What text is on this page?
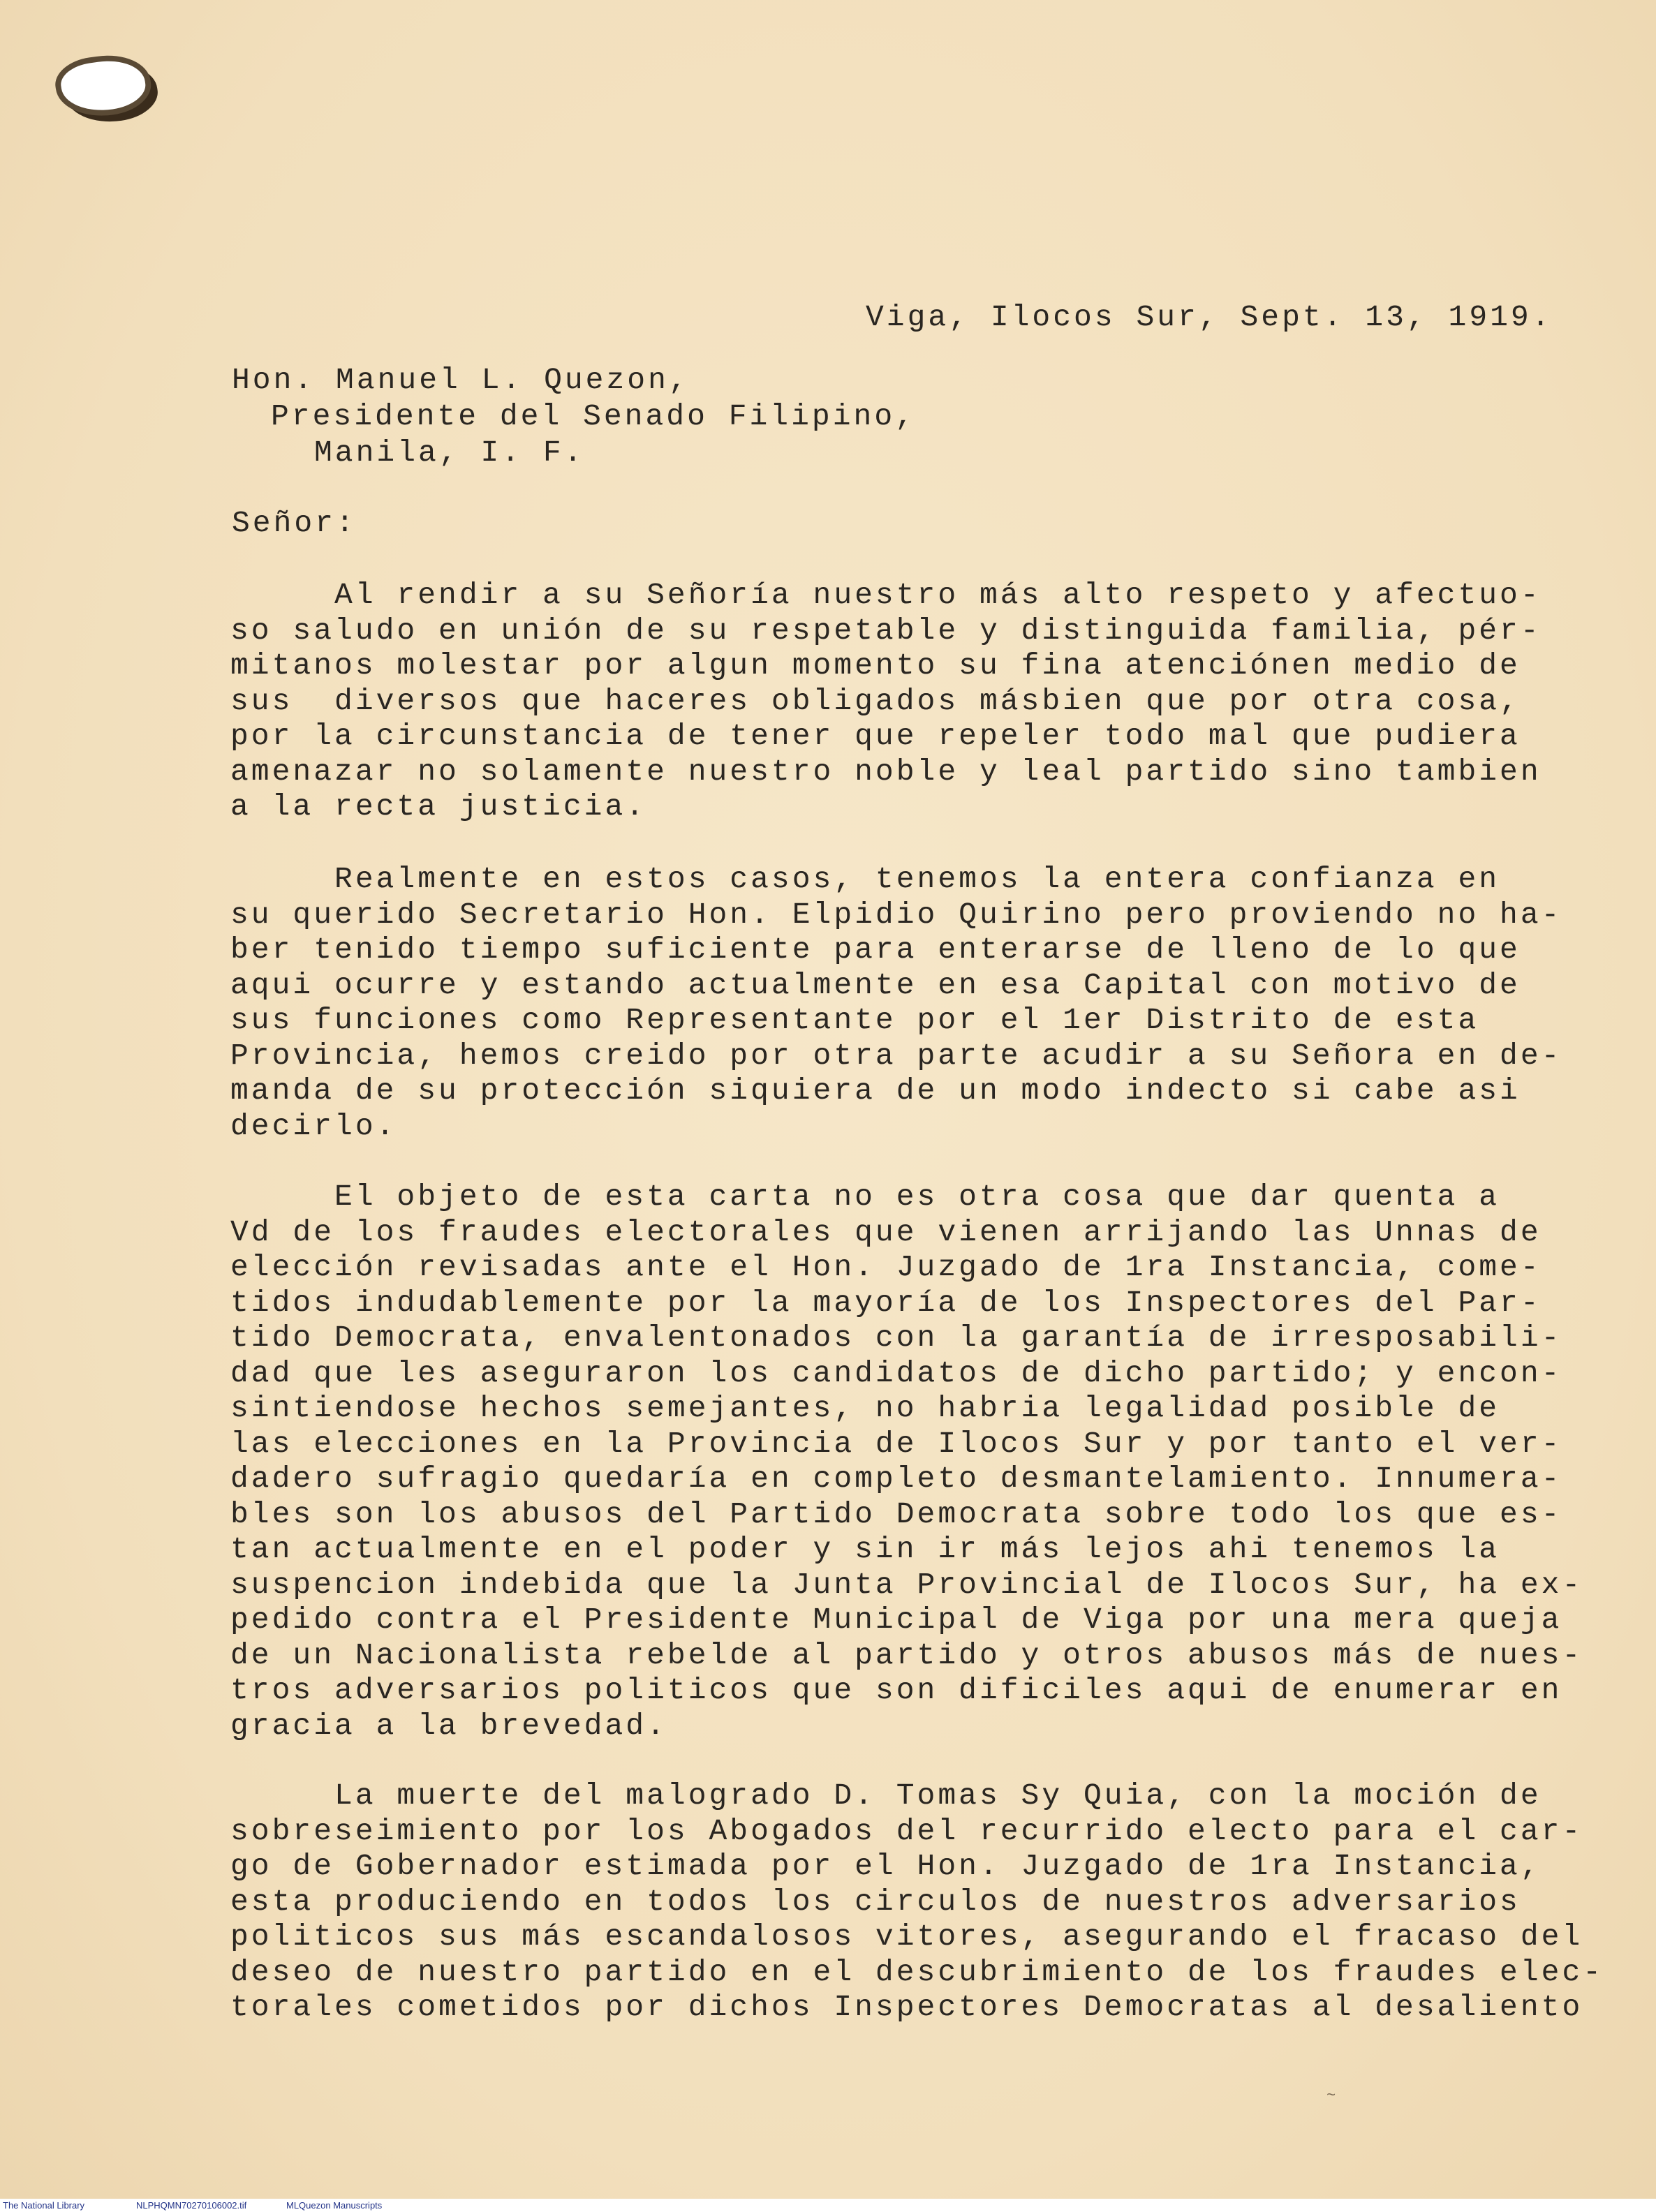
Viga, Ilocos Sur, Sept. 13, 1919.
Hon. Manuel L. Quezon,
Presidente del Senado Filipino,
Manila, I. F.
Señor:
Al rendir a su Señoría nuestro más alto respeto y afectuo-
so saludo en unión de su respetable y distinguida familia, pér-
mitanos molestar por algun momento su fina atenciónen medio de
sus  diversos que haceres obligados másbien que por otra cosa,
por la circunstancia de tener que repeler todo mal que pudiera
amenazar no solamente nuestro noble y leal partido sino tambien
a la recta justicia.
Realmente en estos casos, tenemos la entera confianza en
su querido Secretario Hon. Elpidio Quirino pero proviendo no ha-
ber tenido tiempo suficiente para enterarse de lleno de lo que
aqui ocurre y estando actualmente en esa Capital con motivo de
sus funciones como Representante por el 1er Distrito de esta
Provincia, hemos creido por otra parte acudir a su Señora en de-
manda de su protección siquiera de un modo indecto si cabe asi
decirlo.
El objeto de esta carta no es otra cosa que dar quenta a
Vd de los fraudes electorales que vienen arrijando las Unnas de
elección revisadas ante el Hon. Juzgado de 1ra Instancia, come-
tidos indudablemente por la mayoría de los Inspectores del Par-
tido Democrata, envalentonados con la garantía de irresposabili-
dad que les aseguraron los candidatos de dicho partido; y encon-
sintiendose hechos semejantes, no habria legalidad posible de
las elecciones en la Provincia de Ilocos Sur y por tanto el ver-
dadero sufragio quedaría en completo desmantelamiento. Innumera-
bles son los abusos del Partido Democrata sobre todo los que es-
tan actualmente en el poder y sin ir más lejos ahi tenemos la
suspencion indebida que la Junta Provincial de Ilocos Sur, ha ex-
pedido contra el Presidente Municipal de Viga por una mera queja
de un Nacionalista rebelde al partido y otros abusos más de nues-
tros adversarios politicos que son dificiles aqui de enumerar en
gracia a la brevedad.
La muerte del malogrado D. Tomas Sy Quia, con la moción de
sobreseimiento por los Abogados del recurrido electo para el car-
go de Gobernador estimada por el Hon. Juzgado de 1ra Instancia,
esta produciendo en todos los circulos de nuestros adversarios
politicos sus más escandalosos vitores, asegurando el fracaso del
deseo de nuestro partido en el descubrimiento de los fraudes elec-
torales cometidos por dichos Inspectores Democratas al desaliento
~
The National Library	NLPHQMN70270106002.tif	MLQuezon Manuscripts
